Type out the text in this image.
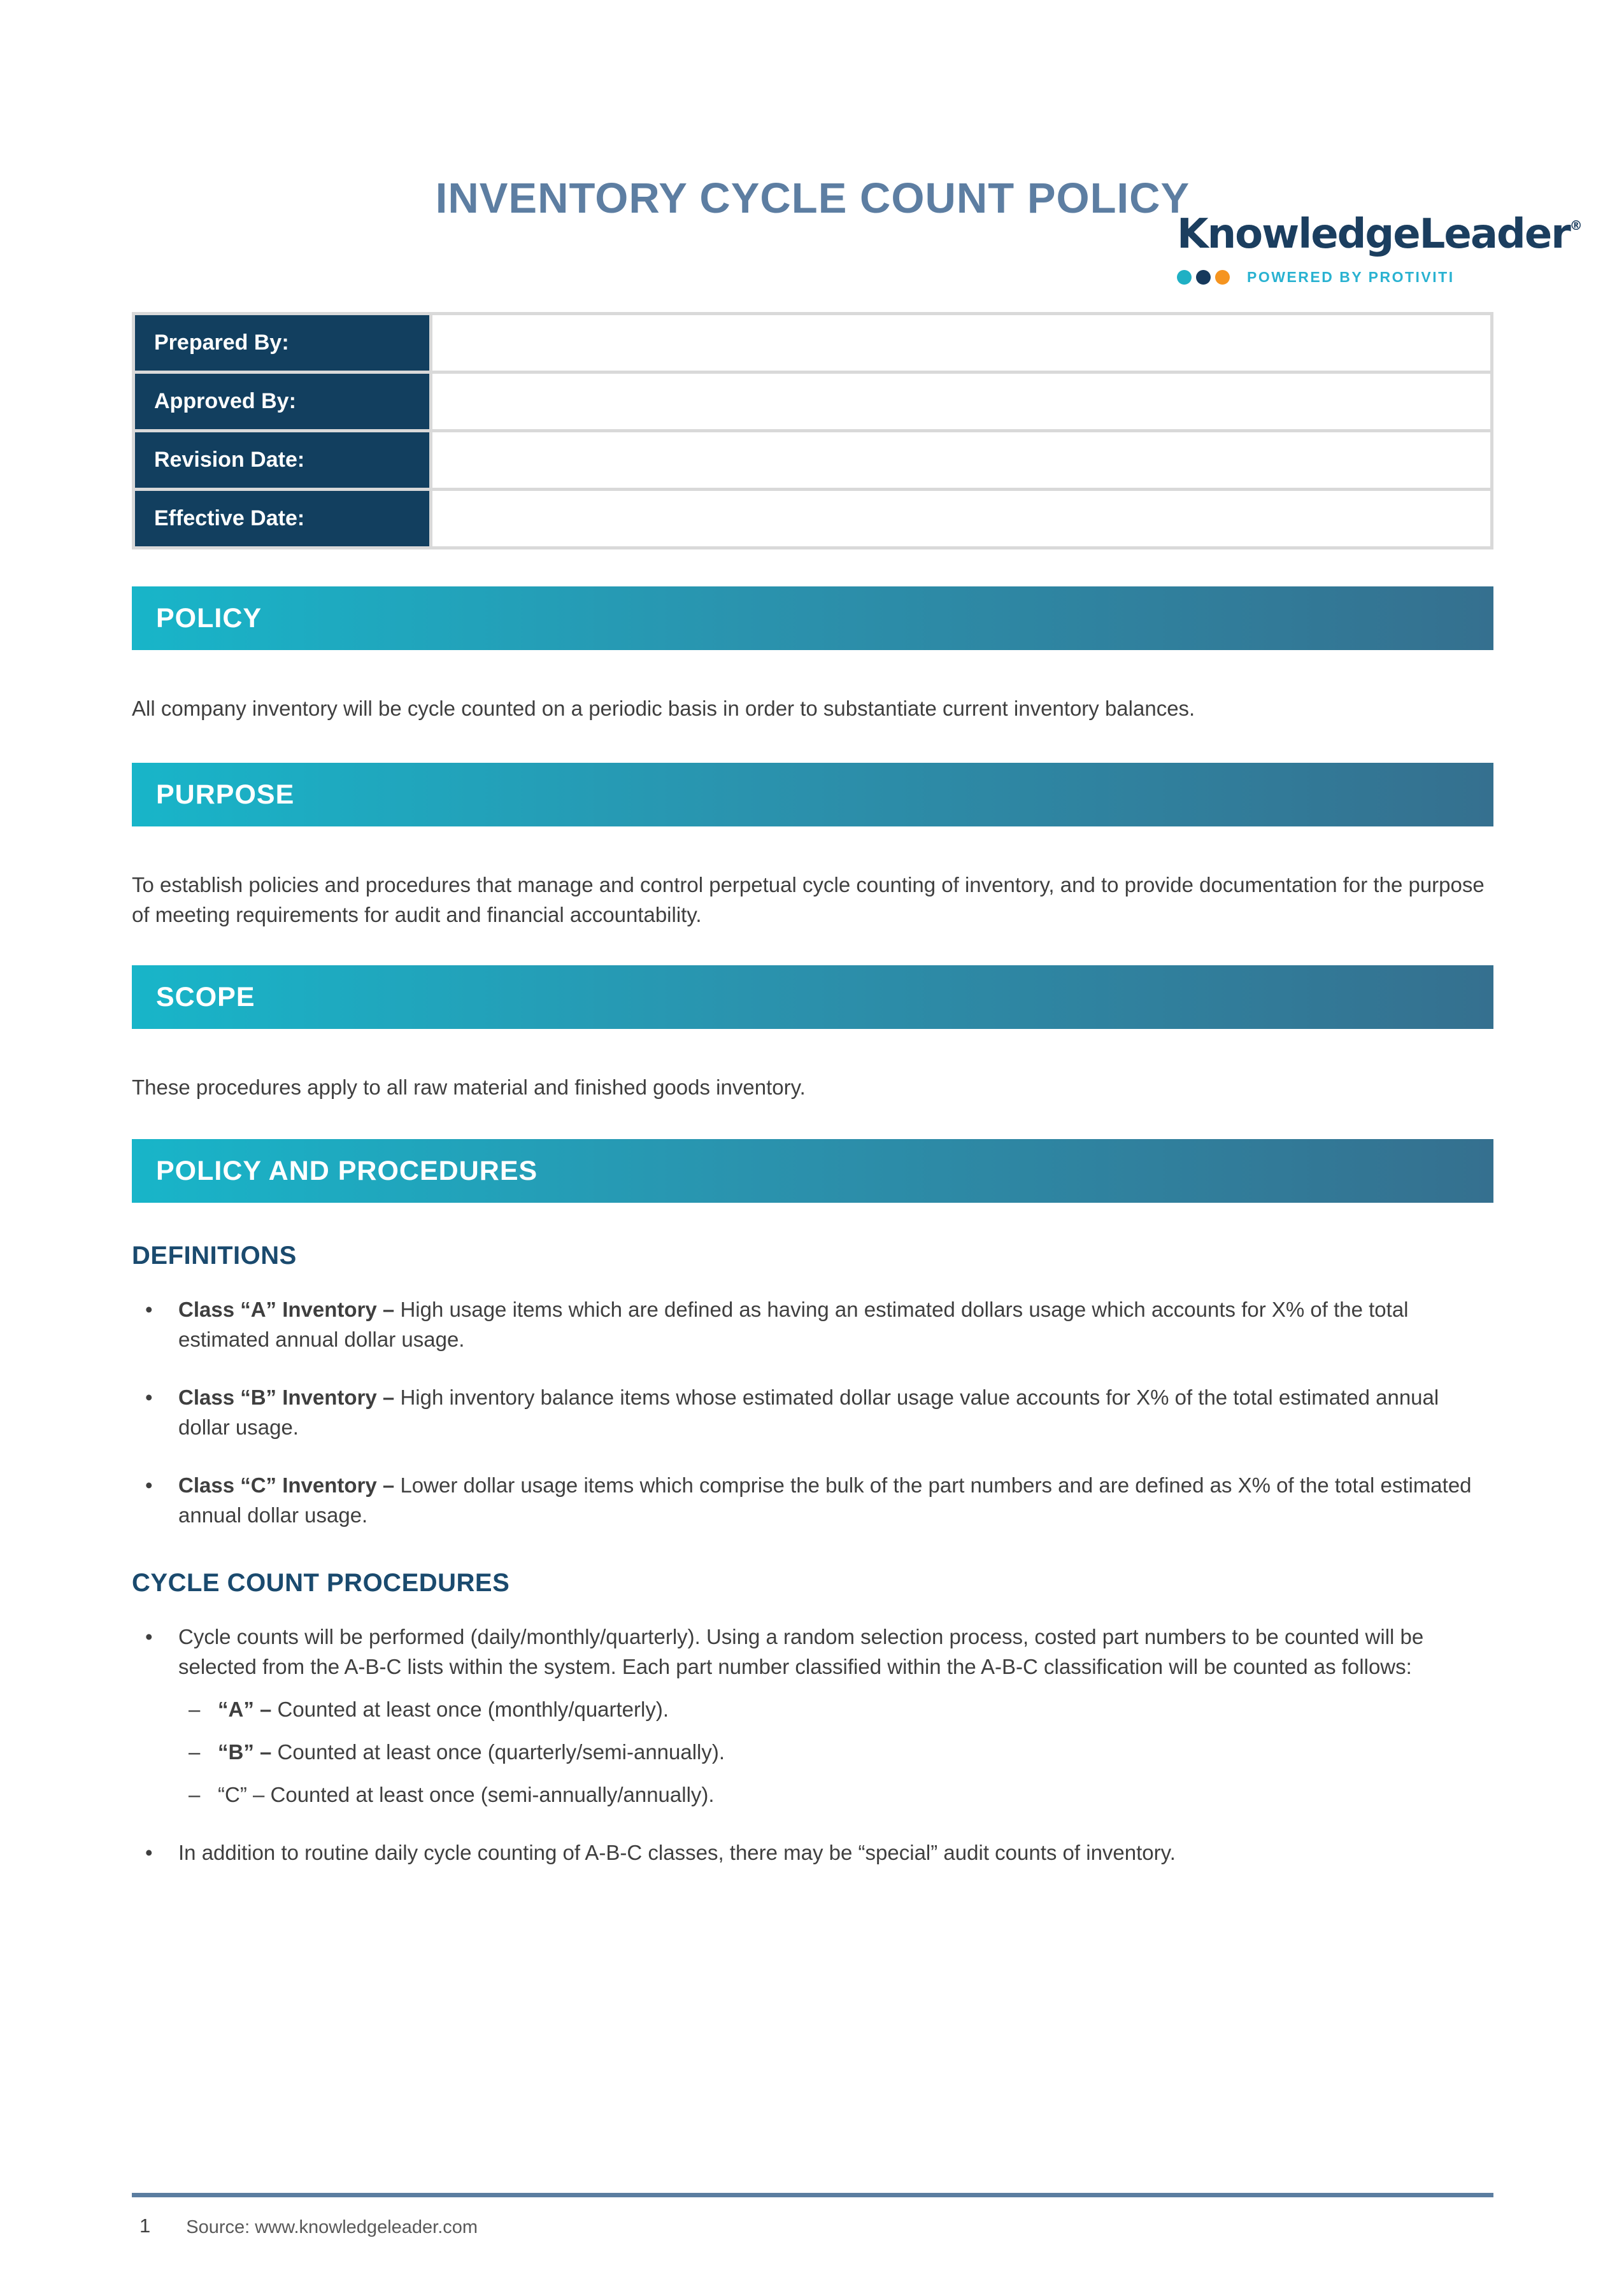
KnowledgeLeader®
POWERED BY PROTIVITI
INVENTORY CYCLE COUNT POLICY
Prepared By:	
Approved By:	
Revision Date:	
Effective Date:	
POLICY

All company inventory will be cycle counted on a periodic basis in order to substantiate current inventory balances.

PURPOSE

To establish policies and procedures that manage and control perpetual cycle counting of inventory, and to provide documentation for the purpose of meeting requirements for audit and financial accountability.

SCOPE

These procedures apply to all raw material and finished goods inventory.

POLICY AND PROCEDURES
DEFINITIONS
•	Class “A” Inventory – High usage items which are defined as having an estimated dollars usage which accounts for X% of the total estimated annual dollar usage.
•	Class “B” Inventory – High inventory balance items whose estimated dollar usage value accounts for X% of the total estimated annual dollar usage.
•	Class “C” Inventory – Lower dollar usage items which comprise the bulk of the part numbers and are defined as X% of the total estimated annual dollar usage.
CYCLE COUNT PROCEDURES
•	Cycle counts will be performed (daily/monthly/quarterly). Using a random selection process, costed part numbers to be counted will be selected from the A-B-C lists within the system. Each part number classified within the A-B-C classification will be counted as follows:
– “A” – Counted at least once (monthly/quarterly).
– “B” – Counted at least once (quarterly/semi-annually).
– “C” – Counted at least once (semi-annually/annually).
•	In addition to routine daily cycle counting of A-B-C classes, there may be “special” audit counts of inventory.
1 Source: www.knowledgeleader.com
